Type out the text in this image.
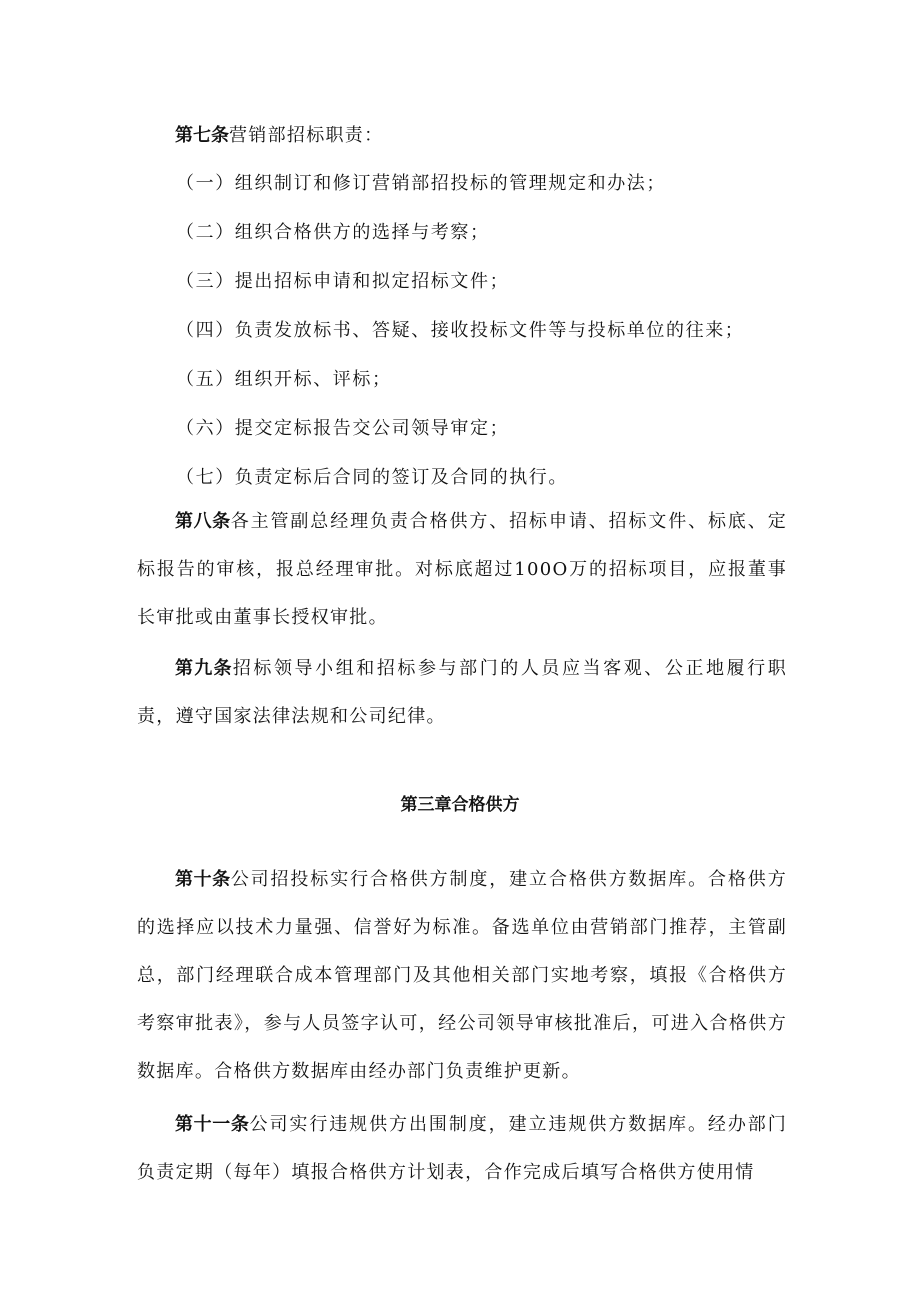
第七条营销部招标职责：

（一）组织制订和修订营销部招投标的管理规定和办法；

（二）组织合格供方的选择与考察；

（三）提出招标申请和拟定招标文件；

（四）负责发放标书、答疑、接收投标文件等与投标单位的往来；

（五）组织开标、评标；

（六）提交定标报告交公司领导审定；

（七）负责定标后合同的签订及合同的执行。

第八条各主管副总经理负责合格供方、招标申请、招标文件、标底、定标报告的审核，报总经理审批。对标底超过100O万的招标项目，应报董事长审批或由董事长授权审批。

第九条招标领导小组和招标参与部门的人员应当客观、公正地履行职责，遵守国家法律法规和公司纪律。

第三章合格供方

第十条公司招投标实行合格供方制度，建立合格供方数据库。合格供方的选择应以技术力量强、信誉好为标准。备选单位由营销部门推荐，主管副总，部门经理联合成本管理部门及其他相关部门实地考察，填报《合格供方考察审批表》，参与人员签字认可，经公司领导审核批准后，可进入合格供方数据库。合格供方数据库由经办部门负责维护更新。

第十一条公司实行违规供方出围制度，建立违规供方数据库。经办部门负责定期（每年）填报合格供方计划表，合作完成后填写合格供方使用情
